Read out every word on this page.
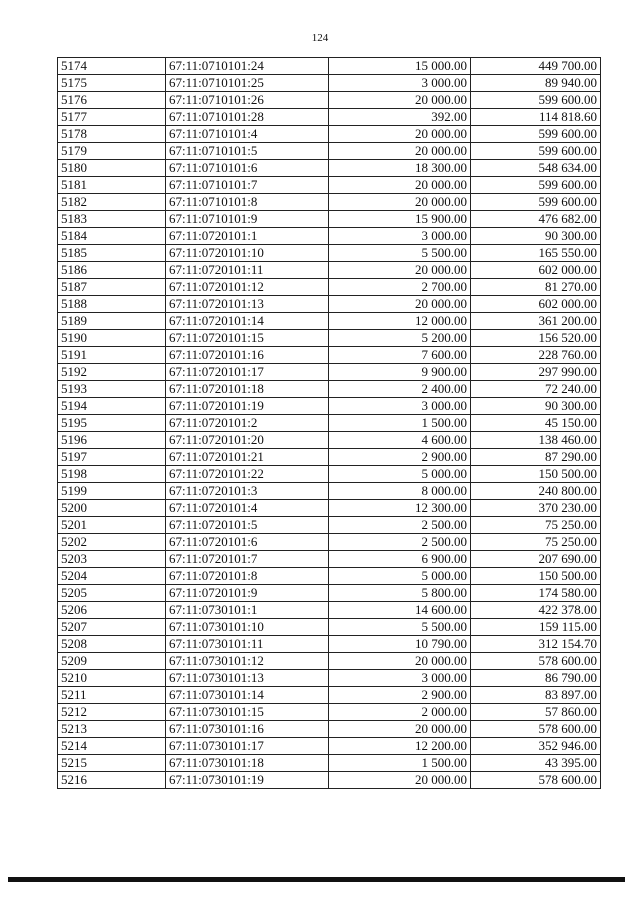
124
5174	67:11:0710101:24	15 000.00	449 700.00
5175	67:11:0710101:25	3 000.00	89 940.00
5176	67:11:0710101:26	20 000.00	599 600.00
5177	67:11:0710101:28	392.00	114 818.60
5178	67:11:0710101:4	20 000.00	599 600.00
5179	67:11:0710101:5	20 000.00	599 600.00
5180	67:11:0710101:6	18 300.00	548 634.00
5181	67:11:0710101:7	20 000.00	599 600.00
5182	67:11:0710101:8	20 000.00	599 600.00
5183	67:11:0710101:9	15 900.00	476 682.00
5184	67:11:0720101:1	3 000.00	90 300.00
5185	67:11:0720101:10	5 500.00	165 550.00
5186	67:11:0720101:11	20 000.00	602 000.00
5187	67:11:0720101:12	2 700.00	81 270.00
5188	67:11:0720101:13	20 000.00	602 000.00
5189	67:11:0720101:14	12 000.00	361 200.00
5190	67:11:0720101:15	5 200.00	156 520.00
5191	67:11:0720101:16	7 600.00	228 760.00
5192	67:11:0720101:17	9 900.00	297 990.00
5193	67:11:0720101:18	2 400.00	72 240.00
5194	67:11:0720101:19	3 000.00	90 300.00
5195	67:11:0720101:2	1 500.00	45 150.00
5196	67:11:0720101:20	4 600.00	138 460.00
5197	67:11:0720101:21	2 900.00	87 290.00
5198	67:11:0720101:22	5 000.00	150 500.00
5199	67:11:0720101:3	8 000.00	240 800.00
5200	67:11:0720101:4	12 300.00	370 230.00
5201	67:11:0720101:5	2 500.00	75 250.00
5202	67:11:0720101:6	2 500.00	75 250.00
5203	67:11:0720101:7	6 900.00	207 690.00
5204	67:11:0720101:8	5 000.00	150 500.00
5205	67:11:0720101:9	5 800.00	174 580.00
5206	67:11:0730101:1	14 600.00	422 378.00
5207	67:11:0730101:10	5 500.00	159 115.00
5208	67:11:0730101:11	10 790.00	312 154.70
5209	67:11:0730101:12	20 000.00	578 600.00
5210	67:11:0730101:13	3 000.00	86 790.00
5211	67:11:0730101:14	2 900.00	83 897.00
5212	67:11:0730101:15	2 000.00	57 860.00
5213	67:11:0730101:16	20 000.00	578 600.00
5214	67:11:0730101:17	12 200.00	352 946.00
5215	67:11:0730101:18	1 500.00	43 395.00
5216	67:11:0730101:19	20 000.00	578 600.00
